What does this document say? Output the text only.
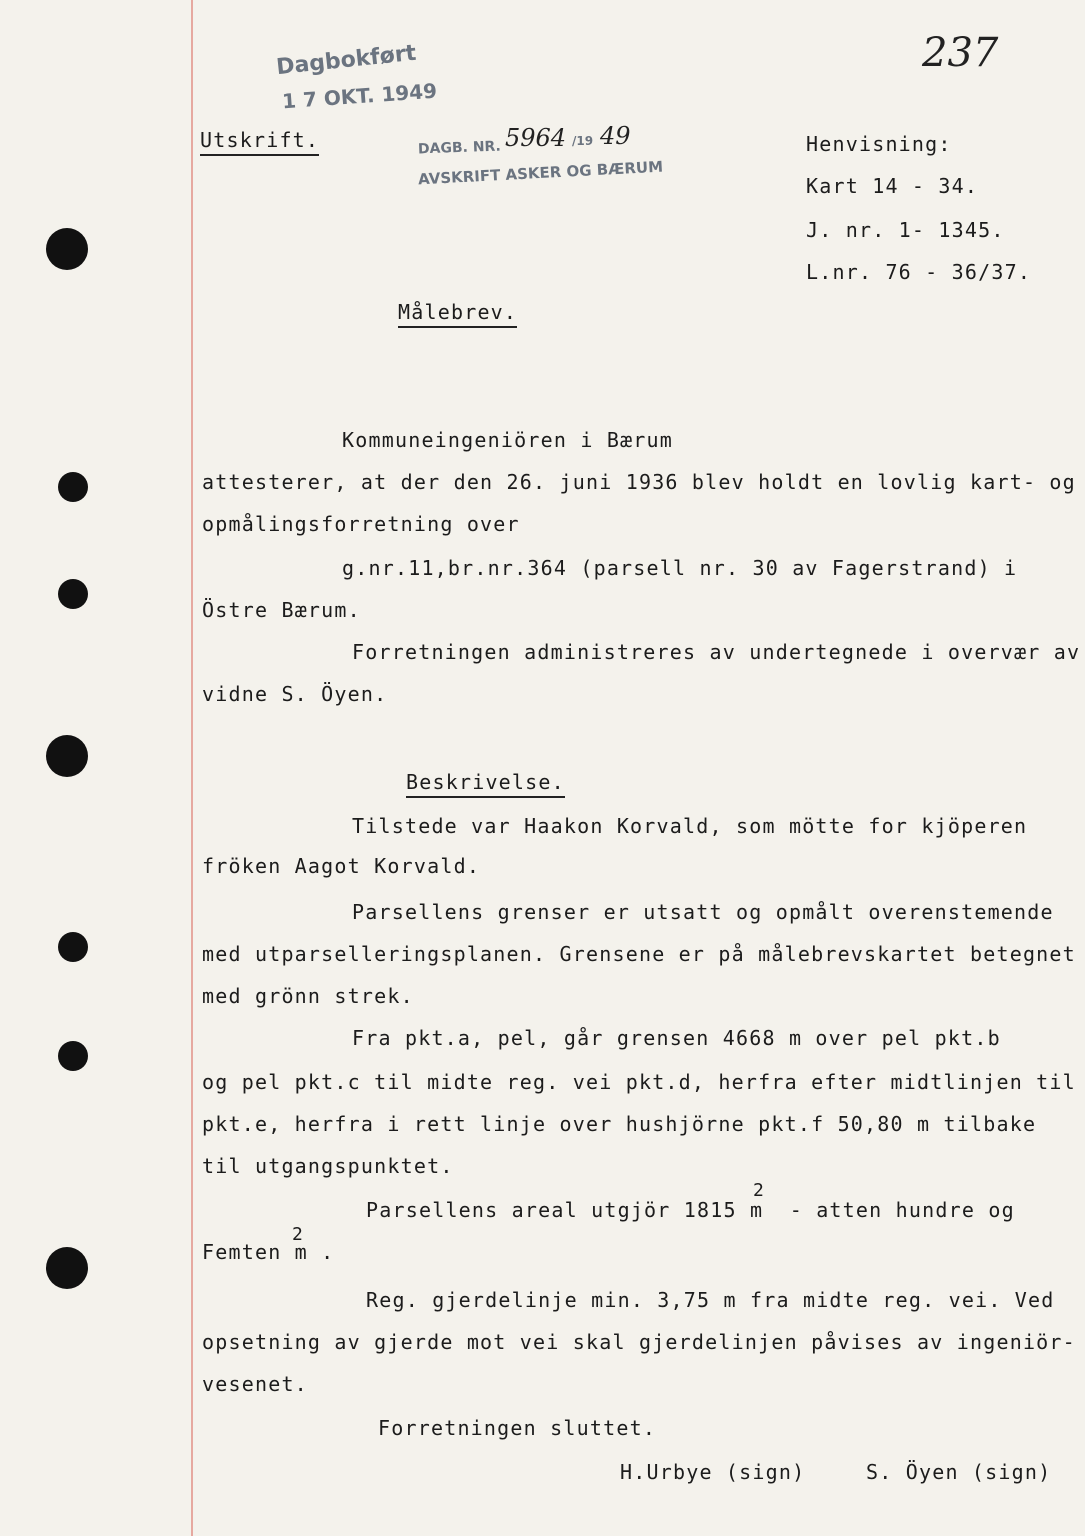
237
Dagbokført
1 7 OKT. 1949
DAGB. NR. 5964 /19 49
AVSKRIFT ASKER OG BÆRUM
Utskrift.	Henvisning:
Kart 14 - 34.
J. nr. 1- 1345.
L.nr. 76 - 36/37.
Målebrev.
Kommuneingeniören i Bærum
attesterer, at der den 26. juni 1936 blev holdt en lovlig kart- og
opmålingsforretning over
g.nr.11,br.nr.364 (parsell nr. 30 av Fagerstrand) i
Östre Bærum.
Forretningen administreres av undertegnede i overvær av
vidne S. Öyen.
Beskrivelse.
Tilstede var Haakon Korvald, som mötte for kjöperen
fröken Aagot Korvald.
Parsellens grenser er utsatt og opmålt overenstemende
med utparselleringsplanen. Grensene er på målebrevskartet betegnet
med grönn strek.
Fra pkt.a, pel, går grensen 4668 m over pel pkt.b
og pel pkt.c til midte reg. vei pkt.d, herfra efter midtlinjen til
pkt.e, herfra i rett linje over hushjörne pkt.f 50,80 m tilbake
til utgangspunktet.
Parsellens areal utgjör 1815 m  - atten hundre og
2
Femten m .
2
Reg. gjerdelinje min. 3,75 m fra midte reg. vei. Ved
opsetning av gjerde mot vei skal gjerdelinjen påvises av ingeniör-
vesenet.
Forretningen sluttet.
H.Urbye (sign)	S. Öyen (sign)
